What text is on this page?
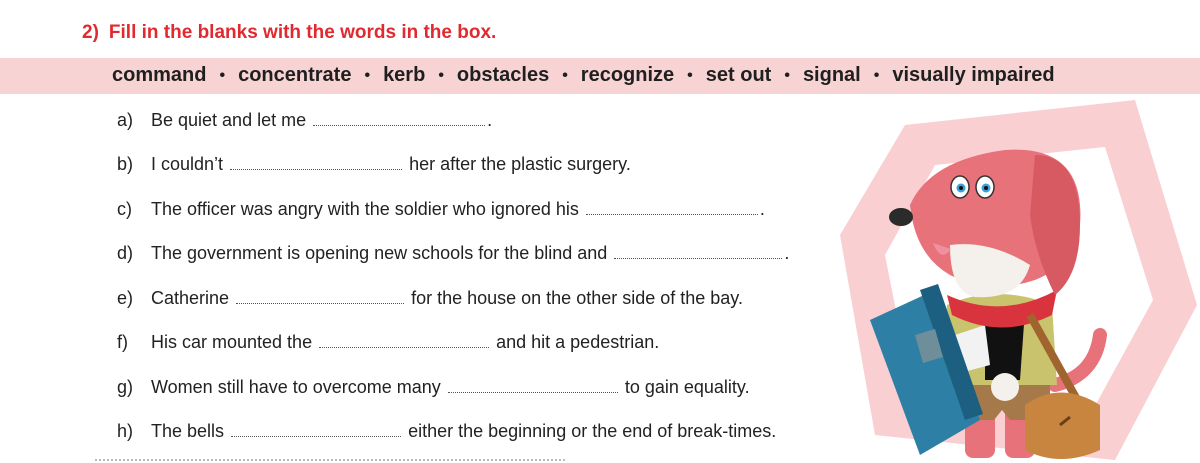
2) Fill in the blanks with the words in the box.
command • concentrate • kerb • obstacles • recognize • set out • signal • visually impaired
a) Be quiet and let me	.
b) I couldn’t	her after the plastic surgery.
c) The officer was angry with the soldier who ignored his	.
d) The government is opening new schools for the blind and	.
e) Catherine	for the house on the other side of the bay.
f) His car mounted the	and hit a pedestrian.
g) Women still have to overcome many	to gain equality.
h) The bells	either the beginning or the end of break-times.
